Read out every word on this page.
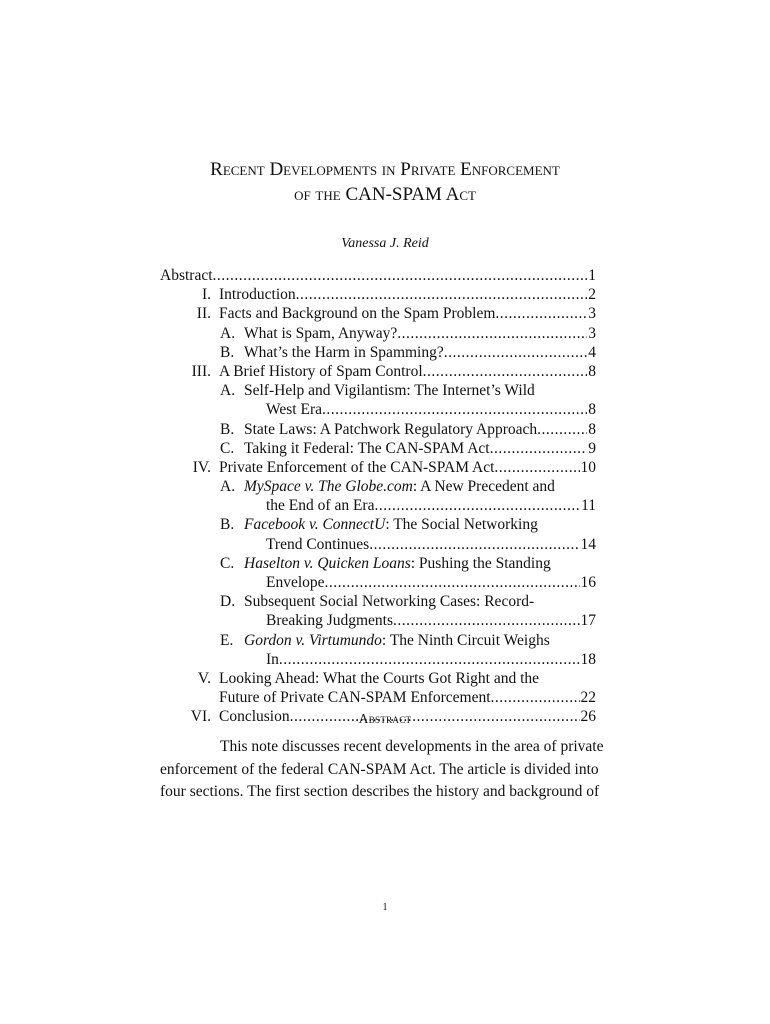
Recent Developments in Private Enforcement
of the CAN-SPAM Act
Vanessa J. Reid
Abstract .....	1
I. Introduction .....	2
II. Facts and Background on the Spam Problem .....	3
A. What is Spam, Anyway? .....	3
B. What’s the Harm in Spamming? .....	4
III. A Brief History of Spam Control .....	8
A. Self-Help and Vigilantism: The Internet’s Wild
West Era .....	8
B. State Laws: A Patchwork Regulatory Approach .....	8
C. Taking it Federal: The CAN-SPAM Act .....	9
IV. Private Enforcement of the CAN-SPAM Act .....	10
A. MySpace v. The Globe.com: A New Precedent and
the End of an Era .....	11
B. Facebook v. ConnectU: The Social Networking
Trend Continues .....	14
C. Haselton v. Quicken Loans: Pushing the Standing
Envelope .....	16
D. Subsequent Social Networking Cases: Record-
Breaking Judgments .....	17
E. Gordon v. Virtumundo: The Ninth Circuit Weighs
In .....	18
V. Looking Ahead: What the Courts Got Right and the
Future of Private CAN-SPAM Enforcement .....	22
VI. Conclusion .....	26
Abstract
This note discusses recent developments in the area of private
enforcement of the federal CAN-SPAM Act. The article is divided into
four sections. The first section describes the history and background of
1
